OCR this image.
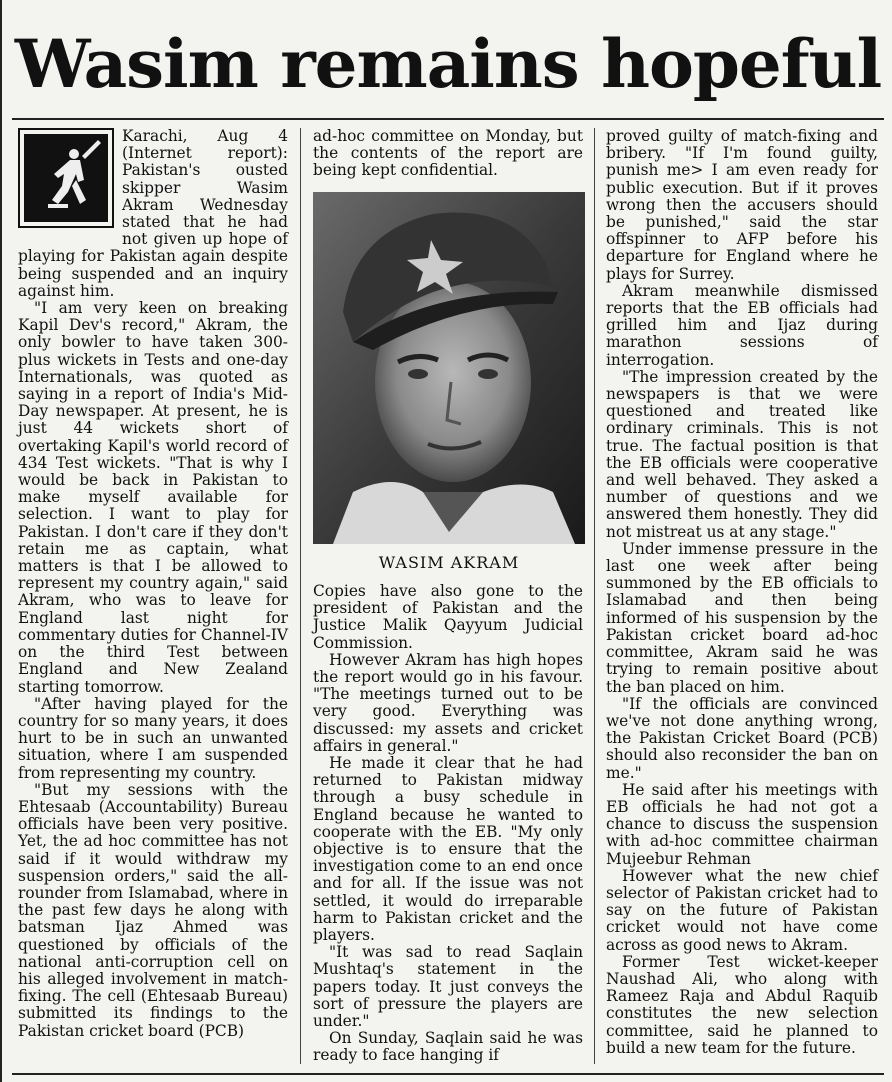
Wasim remains hopeful

Karachi, Aug 4 (Internet report): Pakistan's ousted skipper Wasim Akram Wednesday stated that he had not given up hope of playing for Pakistan again despite being suspended and an inquiry against him.

"I am very keen on breaking Kapil Dev's record," Akram, the only bowler to have taken 300-plus wickets in Tests and one-day Internationals, was quoted as saying in a report of India's Mid-Day newspaper. At present, he is just 44 wickets short of overtaking Kapil's world record of 434 Test wickets. "That is why I would be back in Pakistan to make myself available for selection. I want to play for Pakistan. I don't care if they don't retain me as captain, what matters is that I be allowed to represent my country again," said Akram, who was to leave for England last night for commentary duties for Channel-IV on the third Test between England and New Zealand starting tomorrow.

"After having played for the country for so many years, it does hurt to be in such an unwanted situation, where I am suspended from representing my country.

"But my sessions with the Ehtesaab (Accountability) Bureau officials have been very positive. Yet, the ad hoc committee has not said if it would withdraw my suspension orders," said the all-rounder from Islamabad, where in the past few days he along with batsman Ijaz Ahmed was questioned by officials of the national anti-corruption cell on his alleged involvement in match-fixing. The cell (Ehtesaab Bureau) submitted its findings to the Pakistan cricket board (PCB)

ad-hoc committee on Monday, but the contents of the report are being kept confidential.

WASIM AKRAM

Copies have also gone to the president of Pakistan and the Justice Malik Qayyum Judicial Commission.

However Akram has high hopes the report would go in his favour. "The meetings turned out to be very good. Everything was discussed: my assets and cricket affairs in general."

He made it clear that he had returned to Pakistan midway through a busy schedule in England because he wanted to cooperate with the EB. "My only objective is to ensure that the investigation come to an end once and for all. If the issue was not settled, it would do irreparable harm to Pakistan cricket and the players.

"It was sad to read Saqlain Mushtaq's statement in the papers today. It just conveys the sort of pressure the players are under."

On Sunday, Saqlain said he was ready to face hanging if

proved guilty of match-fixing and bribery. "If I'm found guilty, punish me> I am even ready for public execution. But if it proves wrong then the accusers should be punished," said the star offspinner to AFP before his departure for England where he plays for Surrey.

Akram meanwhile dismissed reports that the EB officials had grilled him and Ijaz during marathon sessions of interrogation.

"The impression created by the newspapers is that we were questioned and treated like ordinary criminals. This is not true. The factual position is that the EB officials were cooperative and well behaved. They asked a number of questions and we answered them honestly. They did not mistreat us at any stage."

Under immense pressure in the last one week after being summoned by the EB officials to Islamabad and then being informed of his suspension by the Pakistan cricket board ad-hoc committee, Akram said he was trying to remain positive about the ban placed on him.

"If the officials are convinced we've not done anything wrong, the Pakistan Cricket Board (PCB) should also reconsider the ban on me."

He said after his meetings with EB officials he had not got a chance to discuss the suspension with ad-hoc committee chairman Mujeebur Rehman

However what the new chief selector of Pakistan cricket had to say on the future of Pakistan cricket would not have come across as good news to Akram.

Former Test wicket-keeper Naushad Ali, who along with Rameez Raja and Abdul Raquib constitutes the new selection committee, said he planned to build a new team for the future.
